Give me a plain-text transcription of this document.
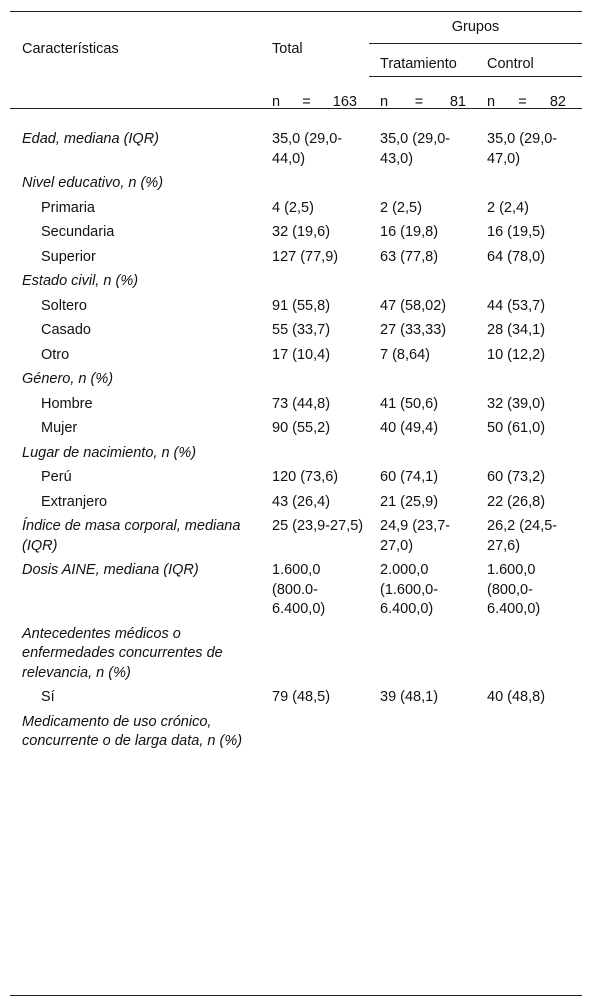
		Grupos	
Características	Total	Tratamiento	Control

	n = 163	n = 81	n = 82

Edad, mediana (IQR)	35,0 (29,0-44,0)	35,0 (29,0-43,0)	35,0 (29,0-47,0)
Nivel educativo, n (%)			
Primaria	4 (2,5)	2 (2,5)	2 (2,4)
Secundaria	32 (19,6)	16 (19,8)	16 (19,5)
Superior	127 (77,9)	63 (77,8)	64 (78,0)
Estado civil, n (%)			
Soltero	91 (55,8)	47 (58,02)	44 (53,7)
Casado	55 (33,7)	27 (33,33)	28 (34,1)
Otro	17 (10,4)	7 (8,64)	10 (12,2)
Género, n (%)			
Hombre	73 (44,8)	41 (50,6)	32 (39,0)
Mujer	90 (55,2)	40 (49,4)	50 (61,0)
Lugar de nacimiento, n (%)			
Perú	120 (73,6)	60 (74,1)	60 (73,2)
Extranjero	43 (26,4)	21 (25,9)	22 (26,8)
Índice de masa corporal, mediana (IQR)	25 (23,9-27,5)	24,9 (23,7-27,0)	26,2 (24,5-27,6)
Dosis AINE, mediana (IQR)	1.600,0 (800.0-6.400,0)	2.000,0 (1.600,0-6.400,0)	1.600,0 (800,0-6.400,0)
Antecedentes médicos o enfermedades concurrentes de relevancia, n (%)			
Sí	79 (48,5)	39 (48,1)	40 (48,8)
Medicamento de uso crónico, concurrente o de larga data, n (%)			
